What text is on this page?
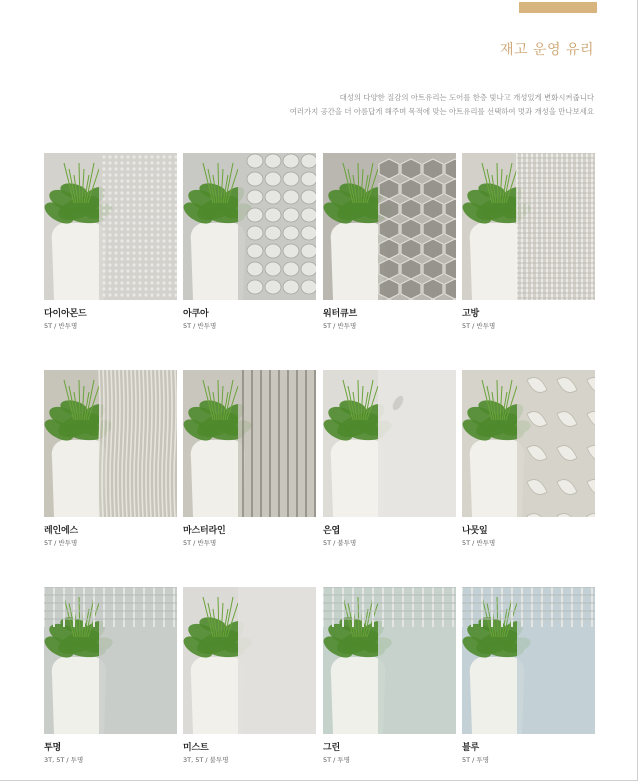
재고 운영 유리
대성의 다양한 질감의 아트유리는 도어를 한층 빛나고 개성있게 변화시켜줍니다
여러가지 공간을 더 아름답게 해주며 목적에 맞는 아트유리를 선택하여 멋과 개성을 만나보세요
다이아몬드
5T / 반투명
아쿠아
5T / 반투명
워터큐브
5T / 반투명
고방
5T / 반투명
레인에스
5T / 반투명
마스터라인
5T / 반투명
은엽
5T / 불투명
나뭇잎
5T / 반투명
투명
3T, 5T / 투명
미스트
3T, 5T / 불투명
그린
5T / 투명
블루
5T / 투명
